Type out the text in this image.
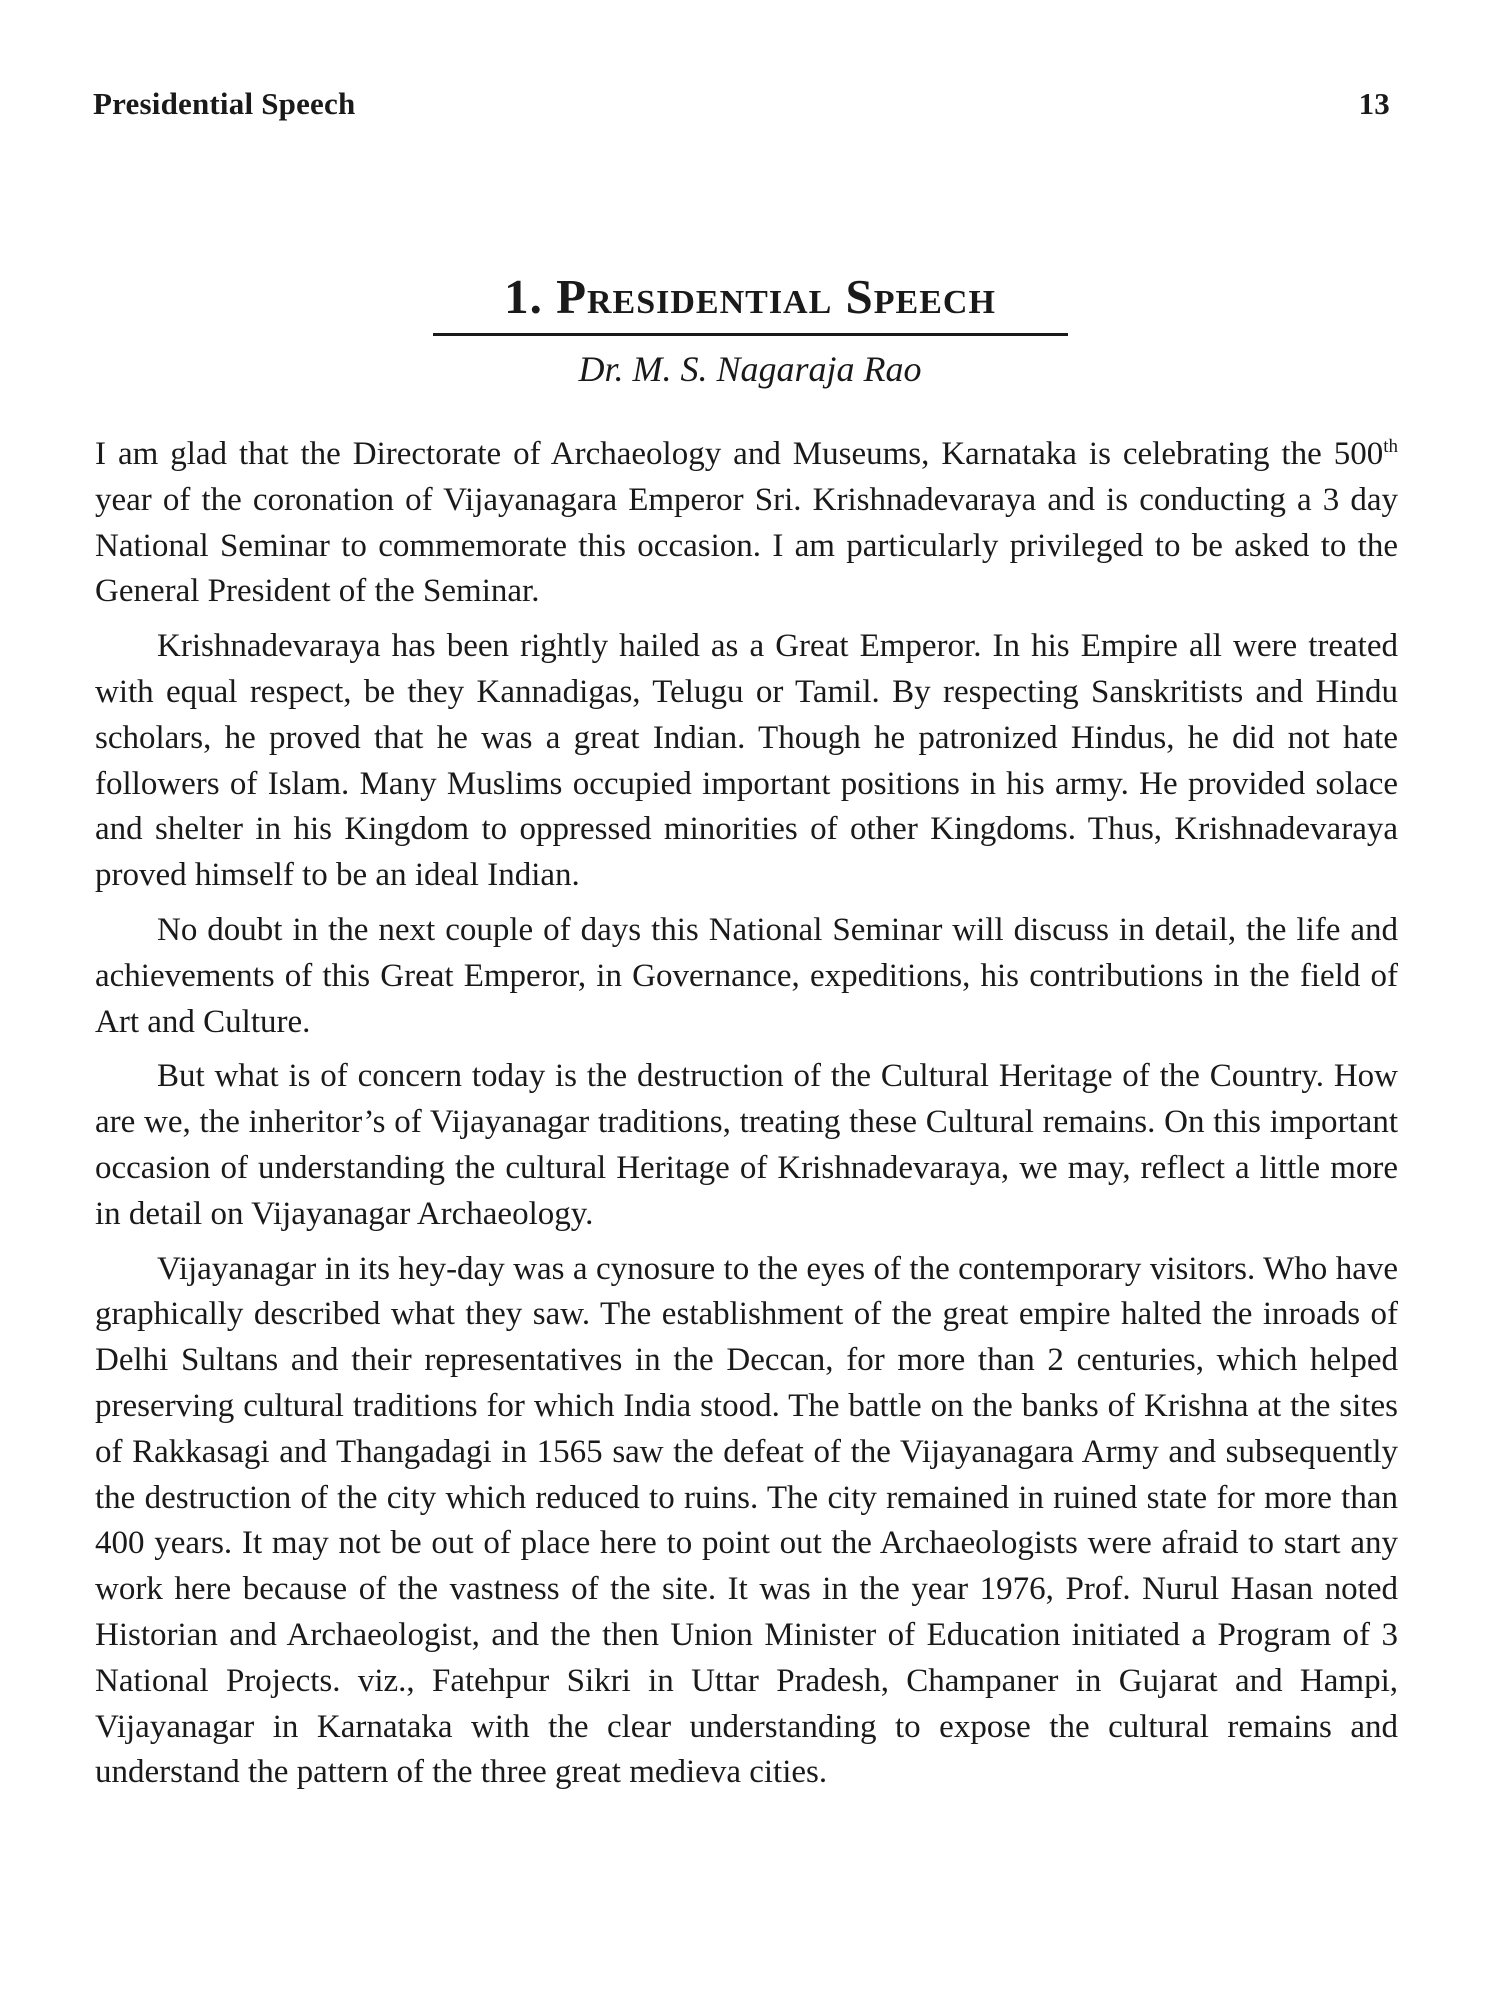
Presidential Speech	13
1. Presidential Speech
Dr. M. S. Nagaraja Rao

I am glad that the Directorate of Archaeology and Museums, Karnataka is celebrating the 500th year of the coronation of Vijayanagara Emperor Sri. Krishnadevaraya and is conducting a 3 day National Seminar to commemorate this occasion. I am particularly privileged to be asked to the General President of the Seminar.

Krishnadevaraya has been rightly hailed as a Great Emperor. In his Empire all were treated with equal respect, be they Kannadigas, Telugu or Tamil. By respecting Sanskritists and Hindu scholars, he proved that he was a great Indian. Though he patronized Hindus, he did not hate followers of Islam. Many Muslims occupied important positions in his army. He provided solace and shelter in his Kingdom to oppressed minorities of other Kingdoms. Thus, Krishnadevaraya proved himself to be an ideal Indian.

No doubt in the next couple of days this National Seminar will discuss in detail, the life and achievements of this Great Emperor, in Governance, expeditions, his contributions in the field of Art and Culture.

But what is of concern today is the destruction of the Cultural Heritage of the Country. How are we, the inheritor’s of Vijayanagar traditions, treating these Cultural remains. On this important occasion of understanding the cultural Heritage of Krishnadevaraya, we may, reflect a little more in detail on Vijayanagar Archaeology.

Vijayanagar in its hey-day was a cynosure to the eyes of the contemporary visitors. Who have graphically described what they saw. The establishment of the great empire halted the inroads of Delhi Sultans and their representatives in the Deccan, for more than 2 centuries, which helped preserving cultural traditions for which India stood. The battle on the banks of Krishna at the sites of Rakkasagi and Thangadagi in 1565 saw the defeat of the Vijayanagara Army and subsequently the destruction of the city which reduced to ruins. The city remained in ruined state for more than 400 years. It may not be out of place here to point out the Archaeologists were afraid to start any work here because of the vastness of the site. It was in the year 1976, Prof. Nurul Hasan noted Historian and Archaeologist, and the then Union Minister of Education initiated a Program of 3 National Projects. viz., Fatehpur Sikri in Uttar Pradesh, Champaner in Gujarat and Hampi, Vijayanagar in Karnataka with the clear understanding to expose the cultural remains and understand the pattern of the three great medieva cities.
